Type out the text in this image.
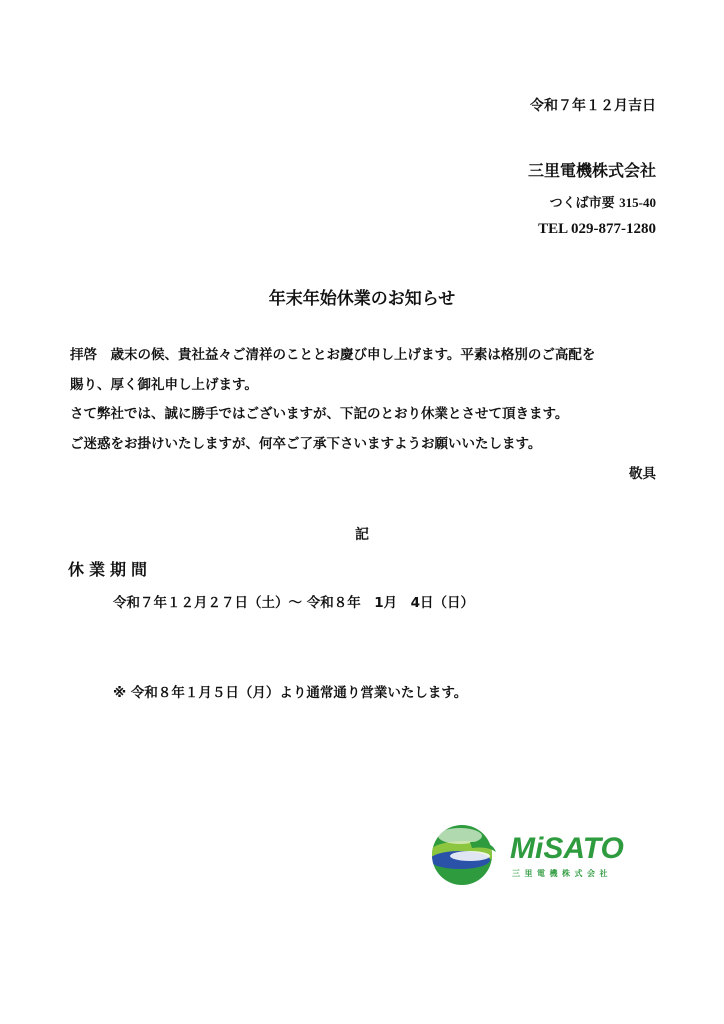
令和７年１２月吉日
三里電機株式会社
つくば市要 315-40
TEL 029-877-1280
年末年始休業のお知らせ

拝啓　歳末の候、貴社益々ご清祥のこととお慶び申し上げます。平素は格別のご高配を

賜り、厚く御礼申し上げます。

さて弊社では、誠に勝手ではございますが、下記のとおり休業とさせて頂きます。

ご迷惑をお掛けいたしますが、何卒ご了承下さいますようお願いいたします。

敬具
記
休業期間
令和７年１２月２７日（土）～ 令和８年　1月　4日（日）
※ 令和８年１月５日（月）より通常通り営業いたします。
MiSATO
三里電機株式会社
